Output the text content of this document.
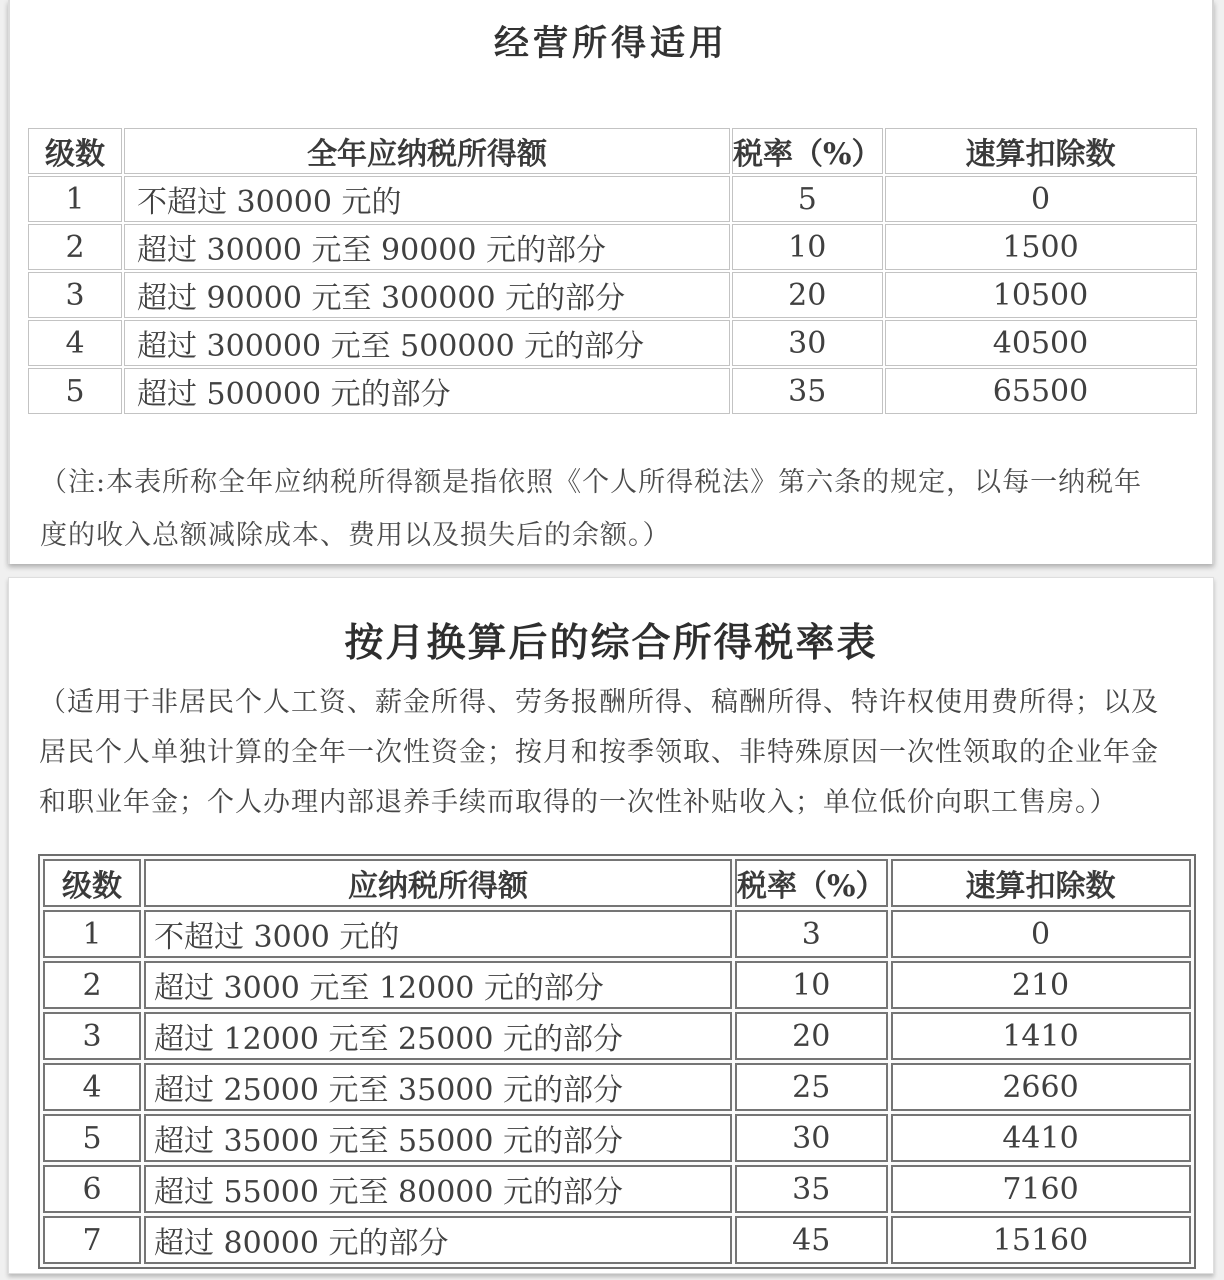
经营所得适用
级数	全年应纳税所得额	税率（%）	速算扣除数
1	不超过 30000 元的	5	0
2	超过 30000 元至 90000 元的部分	10	1500
3	超过 90000 元至 300000 元的部分	20	10500
4	超过 300000 元至 500000 元的部分	30	40500
5	超过 500000 元的部分	35	65500
（注:本表所称全年应纳税所得额是指依照《个人所得税法》第六条的规定，以每一纳税年
度的收入总额减除成本、费用以及损失后的余额。）
按月换算后的综合所得税率表
（适用于非居民个人工资、薪金所得、劳务报酬所得、稿酬所得、特许权使用费所得；以及
居民个人单独计算的全年一次性资金；按月和按季领取、非特殊原因一次性领取的企业年金
和职业年金；个人办理内部退养手续而取得的一次性补贴收入；单位低价向职工售房。）
级数	应纳税所得额	税率（%）	速算扣除数
1	不超过 3000 元的	3	0
2	超过 3000 元至 12000 元的部分	10	210
3	超过 12000 元至 25000 元的部分	20	1410
4	超过 25000 元至 35000 元的部分	25	2660
5	超过 35000 元至 55000 元的部分	30	4410
6	超过 55000 元至 80000 元的部分	35	7160
7	超过 80000 元的部分	45	15160
